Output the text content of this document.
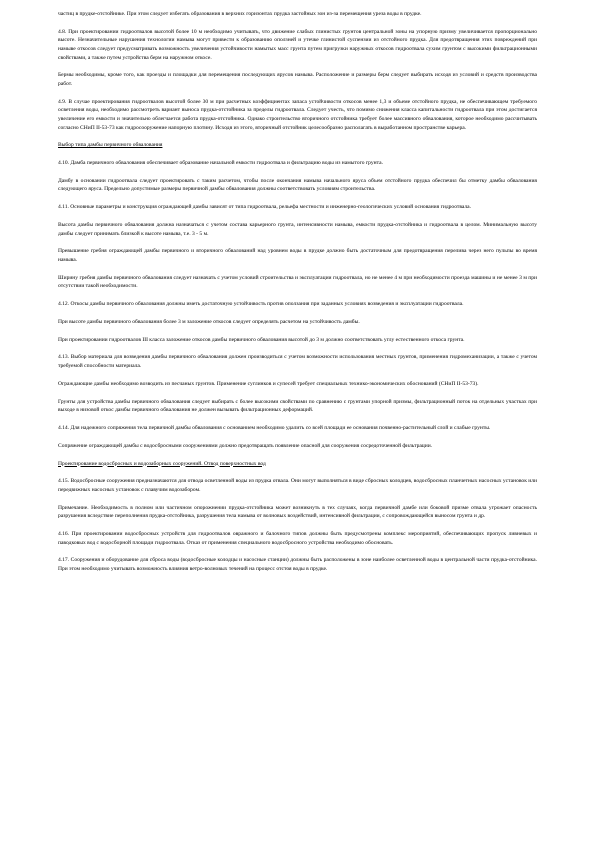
частиц в прудке-отстойнике. При этом следует избегать образования в верхних горизонтах прудка застойных зон из-за перемещения уреза воды в прудке.

4.8. При проектировании гидроотвалов высотой более 10 м необходимо учитывать, что движение слабых глинистых грунтов центральной зоны на упорную призму увеличивается пропорционально высоте. Незначительные нарушения технологии намыва могут привести к образованию оползней и утечке глинистой суспензии из отстойного прудка. Для предотвращения этих повреждений при намыве откосов следует предусматривать возможность увеличения устойчивости намытых масс грунта путем пригрузки наружных откосов гидроотвала сухим грунтом с высокими фильтрационными свойствами, а также путем устройства берм на наружном откосе.

Бермы необходимы, кроме того, как проезды и площадки для перемещения последующих ярусов намыва. Расположение и размеры берм следует выбирать исходя из условий и средств производства работ.

4.9. В случае проектирования гидроотвалов высотой более 30 м при расчетных коэффициентах запаса устойчивости откосов менее 1,3 и объеме отстойного прудка, не обеспечивающем требуемого осветления воды, необходимо рассмотреть вариант выноса прудка-отстойника за пределы гидроотвала. Следует учесть, что помимо снижения класса капитальности гидроотвала при этом достигается увеличение его емкости и значительно облегчается работа прудка-отстойника. Однако строительство вторичного отстойника требует более массивного обвалования, которое необходимо рассчитывать согласно СНиП II-53-73 как гидросооружение напорную плотину. Исходя из этого, вторичный отстойник целесообразно располагать в выработанном пространстве карьера.

Выбор типа дамбы первичного обвалования

4.10. Дамба первичного обвалования обеспечивает образование начальной емкости гидроотвала и фильтрацию воды из намытого грунта.

Дамбу в основании гидроотвала следует проектировать с таким расчетом, чтобы после окончания намыва начального яруса объем отстойного прудка обеспечил бы отметку дамбы обвалования следующего яруса. Предельно допустимые размеры первичной дамбы обвалования должны соответствовать условиям строительства.

4.11. Основные параметры и конструкция ограждающей дамбы зависят от типа гидроотвала, рельефа местности и инженерно-геологических условий основания гидроотвала.

Высота дамбы первичного обвалования должна назначаться с учетом состава карьерного грунта, интенсивности намыва, емкости прудка-отстойника и гидроотвала в целом. Минимальную высоту дамбы следует принимать близкой к высоте намыва, т.е. 3 - 5 м.

Превышение гребня ограждающей дамбы первичного и вторичного обвалований над уровнем воды в прудке должно быть достаточным для предотвращения перелива через него пульпы во время намыва.

Ширину гребня дамбы первичного обвалования следует назначать с учетом условий строительства и эксплуатации гидроотвала, но не менее 4 м при необходимости проезда машины и не менее 3 м при отсутствии такой необходимости.

4.12. Откосы дамбы первичного обвалования должны иметь достаточную устойчивость против оползания при заданных условиях возведения и эксплуатации гидроотвала.

При высоте дамбы первичного обвалования более 3 м заложение откосов следует определять расчетом на устойчивость дамбы.

При проектировании гидроотвалов III класса заложение откосов дамбы первичного обвалования высотой до 3 м должно соответствовать углу естественного откоса грунта.

4.13. Выбор материала для возведения дамбы первичного обвалования должен производиться с учетом возможности использования местных грунтов, применения гидромеханизации, а также с учетом требуемой способности материала.

Ограждающие дамбы необходимо возводить из песчаных грунтов. Применение суглинков и супесей требует специальных технико-экономических обоснований (СНиП II-53-73).

Грунты для устройства дамбы первичного обвалования следует выбирать с более высокими свойствами по сравнению с грунтами упорной призмы, фильтрационный поток на отдельных участках при выходе в низовой откос дамбы первичного обвалования не должен вызывать фильтрационных деформаций.

4.14. Для надежного сопряжения тела первичной дамбы обвалования с основанием необходимо удалить со всей площади ее основания почвенно-растительный слой и слабые грунты.

Сопряжение ограждающей дамбы с водосбросными сооружениями должно предотвращать появление опасной для сооружения сосредоточенной фильтрации.

Проектирование водосбросных и водозаборных сооружений. Отвод поверхностных вод

4.15. Водосбросные сооружения предназначаются для отвода осветленной воды из прудка отвала. Они могут выполняться в виде сбросных колодцев, водосбросных планчетных насосных установок или передвижных насосных установок с плавучим водозабором.

Примечание. Необходимость в полном или частичном опорожнении прудка-отстойника может возникнуть в тех случаях, когда первичной дамбе или боковой призме отвала угрожает опасность разрушения вследствие переполнения прудка-отстойника, разрушения тела намыва от волновых воздействий, интенсивной фильтрации, с сопровождающейся выносом грунта и др.

4.16. При проектировании водосбросных устройств для гидроотвалов овражного и балочного типов должны быть предусмотрены комплекс мероприятий, обеспечивающих пропуск ливневых и паводковых вод с водосборной площади гидроотвала. Отказ от применения специального водосбросного устройства необходимо обосновать.

4.17. Сооружения и оборудование для сброса воды (водосбросные колодцы и насосные станции) должны быть расположены в зоне наиболее осветленной воды в центральной части прудка-отстойника. При этом необходимо учитывать возможность влияния ветро-волновых течений на процесс отстоя воды в прудке.
